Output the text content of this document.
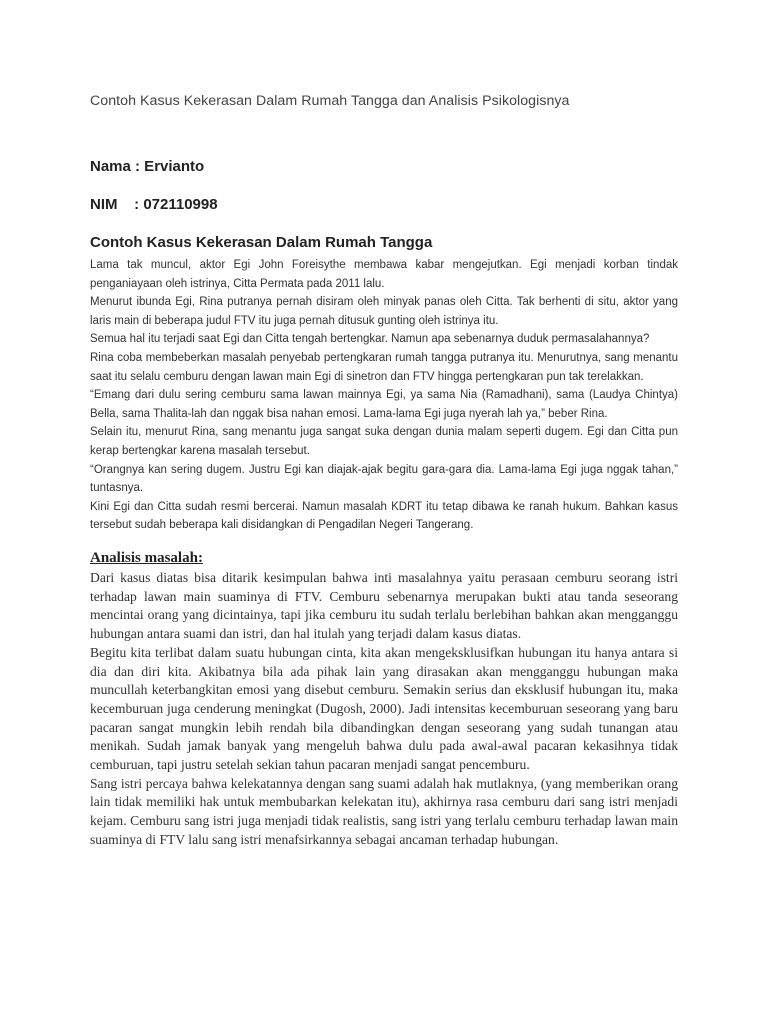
Contoh Kasus Kekerasan Dalam Rumah Tangga dan Analisis Psikologisnya
Nama : Ervianto
NIM    : 072110998
Contoh Kasus Kekerasan Dalam Rumah Tangga

Lama tak muncul, aktor Egi John Foreisythe membawa kabar mengejutkan. Egi menjadi korban tindak penganiayaan oleh istrinya, Citta Permata pada 2011 lalu.

Menurut ibunda Egi, Rina putranya pernah disiram oleh minyak panas oleh Citta. Tak berhenti di situ, aktor yang laris main di beberapa judul FTV itu juga pernah ditusuk gunting oleh istrinya itu.

Semua hal itu terjadi saat Egi dan Citta tengah bertengkar. Namun apa sebenarnya duduk permasalahannya?

Rina coba membeberkan masalah penyebab pertengkaran rumah tangga putranya itu. Menurutnya, sang menantu saat itu selalu cemburu dengan lawan main Egi di sinetron dan FTV hingga pertengkaran pun tak terelakkan.

“Emang dari dulu sering cemburu sama lawan mainnya Egi, ya sama Nia (Ramadhani), sama (Laudya Chintya) Bella, sama Thalita-lah dan nggak bisa nahan emosi. Lama-lama Egi juga nyerah lah ya,” beber Rina.

Selain itu, menurut Rina, sang menantu juga sangat suka dengan dunia malam seperti dugem. Egi dan Citta pun kerap bertengkar karena masalah tersebut.

“Orangnya kan sering dugem. Justru Egi kan diajak-ajak begitu gara-gara dia. Lama-lama Egi juga nggak tahan,” tuntasnya.

Kini Egi dan Citta sudah resmi bercerai. Namun masalah KDRT itu tetap dibawa ke ranah hukum. Bahkan kasus tersebut sudah beberapa kali disidangkan di Pengadilan Negeri Tangerang.

Analisis masalah:

Dari kasus diatas bisa ditarik kesimpulan bahwa inti masalahnya yaitu perasaan cemburu seorang istri terhadap lawan main suaminya di FTV. Cemburu sebenarnya merupakan bukti atau tanda seseorang mencintai orang yang dicintainya, tapi jika cemburu itu sudah terlalu berlebihan bahkan akan mengganggu hubungan antara suami dan istri, dan hal itulah yang terjadi dalam kasus diatas.

Begitu kita terlibat dalam suatu hubungan cinta, kita akan mengeksklusifkan hubungan itu hanya antara si dia dan diri kita. Akibatnya bila ada pihak lain yang dirasakan akan mengganggu hubungan maka muncullah keterbangkitan emosi yang disebut cemburu. Semakin serius dan eksklusif hubungan itu, maka kecemburuan juga cenderung meningkat (Dugosh, 2000). Jadi intensitas kecemburuan seseorang yang baru pacaran sangat mungkin lebih rendah bila dibandingkan dengan seseorang yang sudah tunangan atau menikah. Sudah jamak banyak yang mengeluh bahwa dulu pada awal-awal pacaran kekasihnya tidak cemburuan, tapi justru setelah sekian tahun pacaran menjadi sangat pencemburu.

Sang istri percaya bahwa kelekatannya dengan sang suami adalah hak mutlaknya, (yang memberikan orang lain tidak memiliki hak untuk membubarkan kelekatan itu), akhirnya rasa cemburu dari sang istri menjadi kejam. Cemburu sang istri juga menjadi tidak realistis, sang istri yang terlalu cemburu terhadap lawan main suaminya di FTV lalu sang istri menafsirkannya sebagai ancaman terhadap hubungan.
